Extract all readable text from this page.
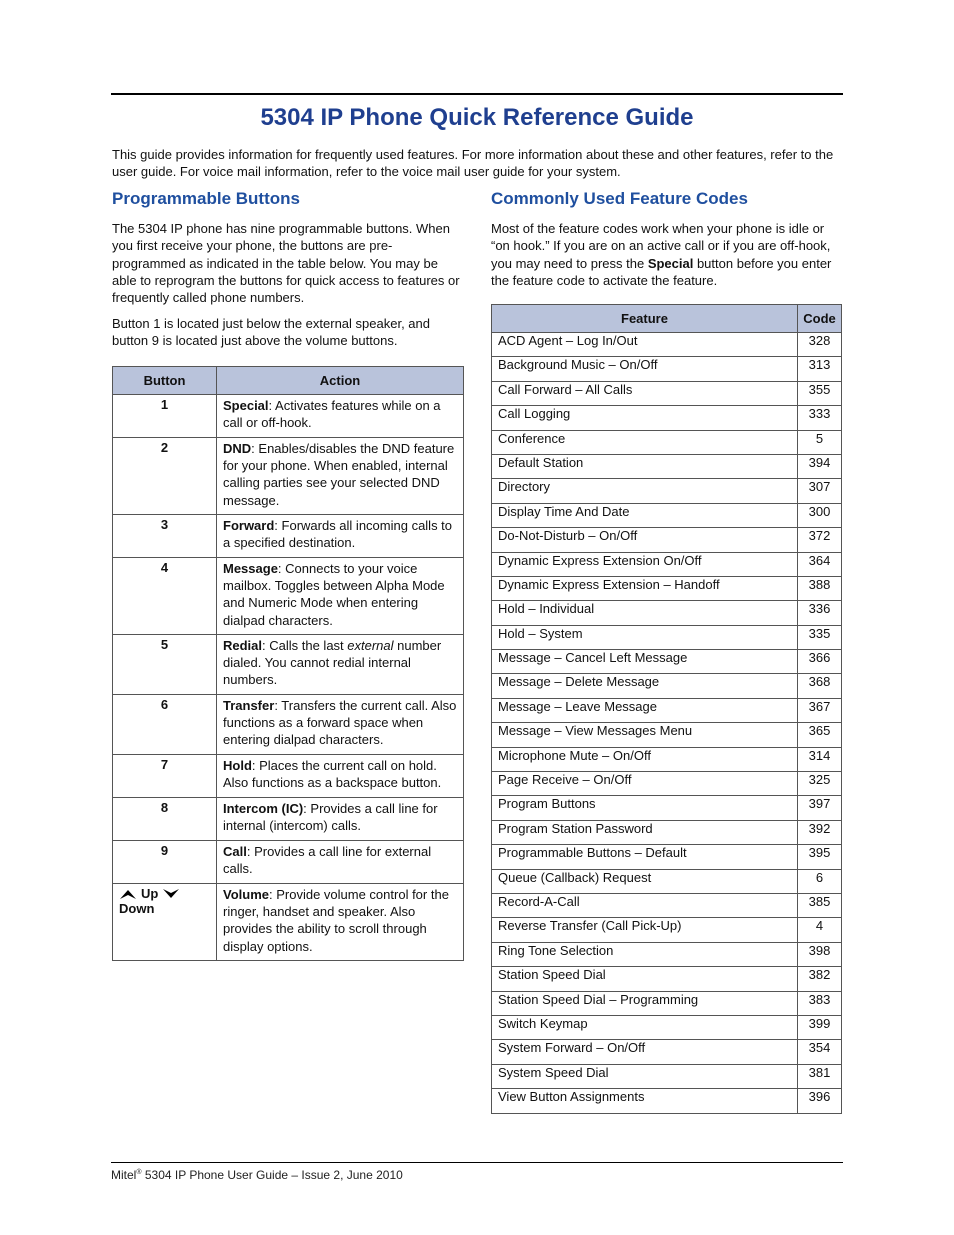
5304 IP Phone Quick Reference Guide

This guide provides information for frequently used features. For more information about these and other features, refer to the user guide. For voice mail information, refer to the voice mail user guide for your system.

Programmable Buttons

The 5304 IP phone has nine programmable buttons. When you first receive your phone, the buttons are pre-programmed as indicated in the table below. You may be able to reprogram the buttons for quick access to features or frequently called phone numbers.

Button 1 is located just below the external speaker, and button 9 is located just above the volume buttons.

Button	Action
1	Special: Activates features while on a call or off-hook.
2	DND: Enables/disables the DND feature for your phone. When enabled, internal calling parties see your selected DND message.
3	Forward: Forwards all incoming calls to a specified destination.
4	Message: Connects to your voice mailbox. Toggles between Alpha Mode and Numeric Mode when entering dialpad characters.
5	Redial: Calls the last external number dialed. You cannot redial internal numbers.
6	Transfer: Transfers the current call. Also functions as a forward space when entering dialpad characters.
7	Hold: Places the current call on hold. Also functions as a backspace button.
8	Intercom (IC): Provides a call line for internal (intercom) calls.
9	Call: Provides a call line for external calls.

Up
Down	Volume: Provide volume control for the ringer, handset and speaker. Also provides the ability to scroll through display options.
Commonly Used Feature Codes

Most of the feature codes work when your phone is idle or “on hook.” If you are on an active call or if you are off-hook, you may need to press the Special button before you enter the feature code to activate the feature.

Feature	Code
ACD Agent – Log In/Out	328
Background Music – On/Off	313
Call Forward – All Calls	355
Call Logging	333
Conference	5
Default Station	394
Directory	307
Display Time And Date	300
Do-Not-Disturb – On/Off	372
Dynamic Express Extension On/Off	364
Dynamic Express Extension – Handoff	388
Hold – Individual	336
Hold – System	335
Message – Cancel Left Message	366
Message – Delete Message	368
Message – Leave Message	367
Message – View Messages Menu	365
Microphone Mute – On/Off	314
Page Receive – On/Off	325
Program Buttons	397
Program Station Password	392
Programmable Buttons – Default	395
Queue (Callback) Request	6
Record-A-Call	385
Reverse Transfer (Call Pick-Up)	4
Ring Tone Selection	398
Station Speed Dial	382
Station Speed Dial – Programming	383
Switch Keymap	399
System Forward – On/Off	354
System Speed Dial	381
View Button Assignments	396
Mitel® 5304 IP Phone User Guide – Issue 2, June 2010
